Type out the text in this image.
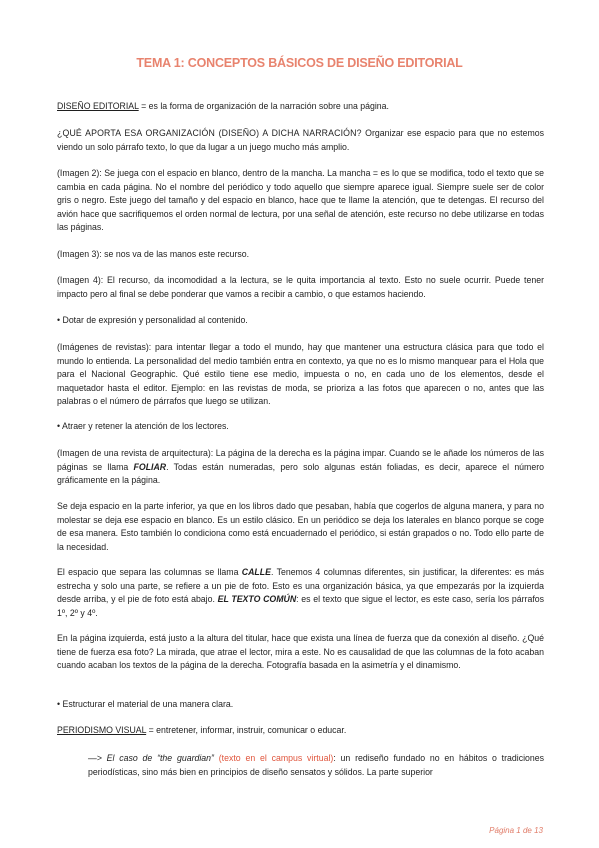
TEMA 1: CONCEPTOS BÁSICOS DE DISEÑO EDITORIAL

DISEÑO EDITORIAL = es la forma de organización de la narración sobre una página.

¿QUÉ APORTA ESA ORGANIZACIÓN (DISEÑO) A DICHA NARRACIÓN? Organizar ese espacio para que no estemos viendo un solo párrafo texto, lo que da lugar a un juego mucho más amplio.

(Imagen 2): Se juega con el espacio en blanco, dentro de la mancha. La mancha = es lo que se modifica, todo el texto que se cambia en cada página. No el nombre del periódico y todo aquello que siempre aparece igual. Siempre suele ser de color gris o negro. Este juego del tamaño y del espacio en blanco, hace que te llame la atención, que te detengas. El recurso del avión hace que sacrifiquemos el orden normal de lectura, por una señal de atención, este recurso no debe utilizarse en todas las páginas.

(Imagen 3): se nos va de las manos este recurso.

(Imagen 4): El recurso, da incomodidad a la lectura, se le quita importancia al texto. Esto no suele ocurrir. Puede tener impacto pero al final se debe ponderar que vamos a recibir a cambio, o que estamos haciendo.

• Dotar de expresión y personalidad al contenido.

(Imágenes de revistas): para intentar llegar a todo el mundo, hay que mantener una estructura clásica para que todo el mundo lo entienda. La personalidad del medio también entra en contexto, ya que no es lo mismo manquear para el Hola que para el Nacional Geographic. Qué estilo tiene ese medio, impuesta o no, en cada uno de los elementos, desde el maquetador hasta el editor. Ejemplo: en las revistas de moda, se prioriza a las fotos que aparecen o no, antes que las palabras o el número de párrafos que luego se utilizan.

• Atraer y retener la atención de los lectores.

(Imagen de una revista de arquitectura): La página de la derecha es la página impar. Cuando se le añade los números de las páginas se llama FOLIAR. Todas están numeradas, pero solo algunas están foliadas, es decir, aparece el número gráficamente en la página.

Se deja espacio en la parte inferior, ya que en los libros dado que pesaban, había que cogerlos de alguna manera, y para no molestar se deja ese espacio en blanco. Es un estilo clásico. En un periódico se deja los laterales en blanco porque se coge de esa manera. Esto también lo condiciona como está encuadernado el periódico, si están grapados o no. Todo ello parte de la necesidad.

El espacio que separa las columnas se llama CALLE. Tenemos 4 columnas diferentes, sin justificar, la diferentes: es más estrecha y solo una parte, se refiere a un pie de foto. Esto es una organización básica, ya que empezarás por la izquierda desde arriba, y el pie de foto está abajo. EL TEXTO COMÚN: es el texto que sigue el lector, es este caso, sería los párrafos 1º, 2º y 4º.

En la página izquierda, está justo a la altura del titular, hace que exista una línea de fuerza que da conexión al diseño. ¿Qué tiene de fuerza esa foto? La mirada, que atrae el lector, mira a este. No es causalidad de que las columnas de la foto acaban cuando acaban los textos de la página de la derecha. Fotografía basada en la asimetría y el dinamismo.

• Estructurar el material de una manera clara.

PERIODISMO VISUAL = entretener, informar, instruir, comunicar o educar.

—> El caso de “the guardian” (texto en el campus virtual): un rediseño fundado no en hábitos o tradiciones periodísticas, sino más bien en principios de diseño sensatos y sólidos. La parte superior

Página 1 de 13
